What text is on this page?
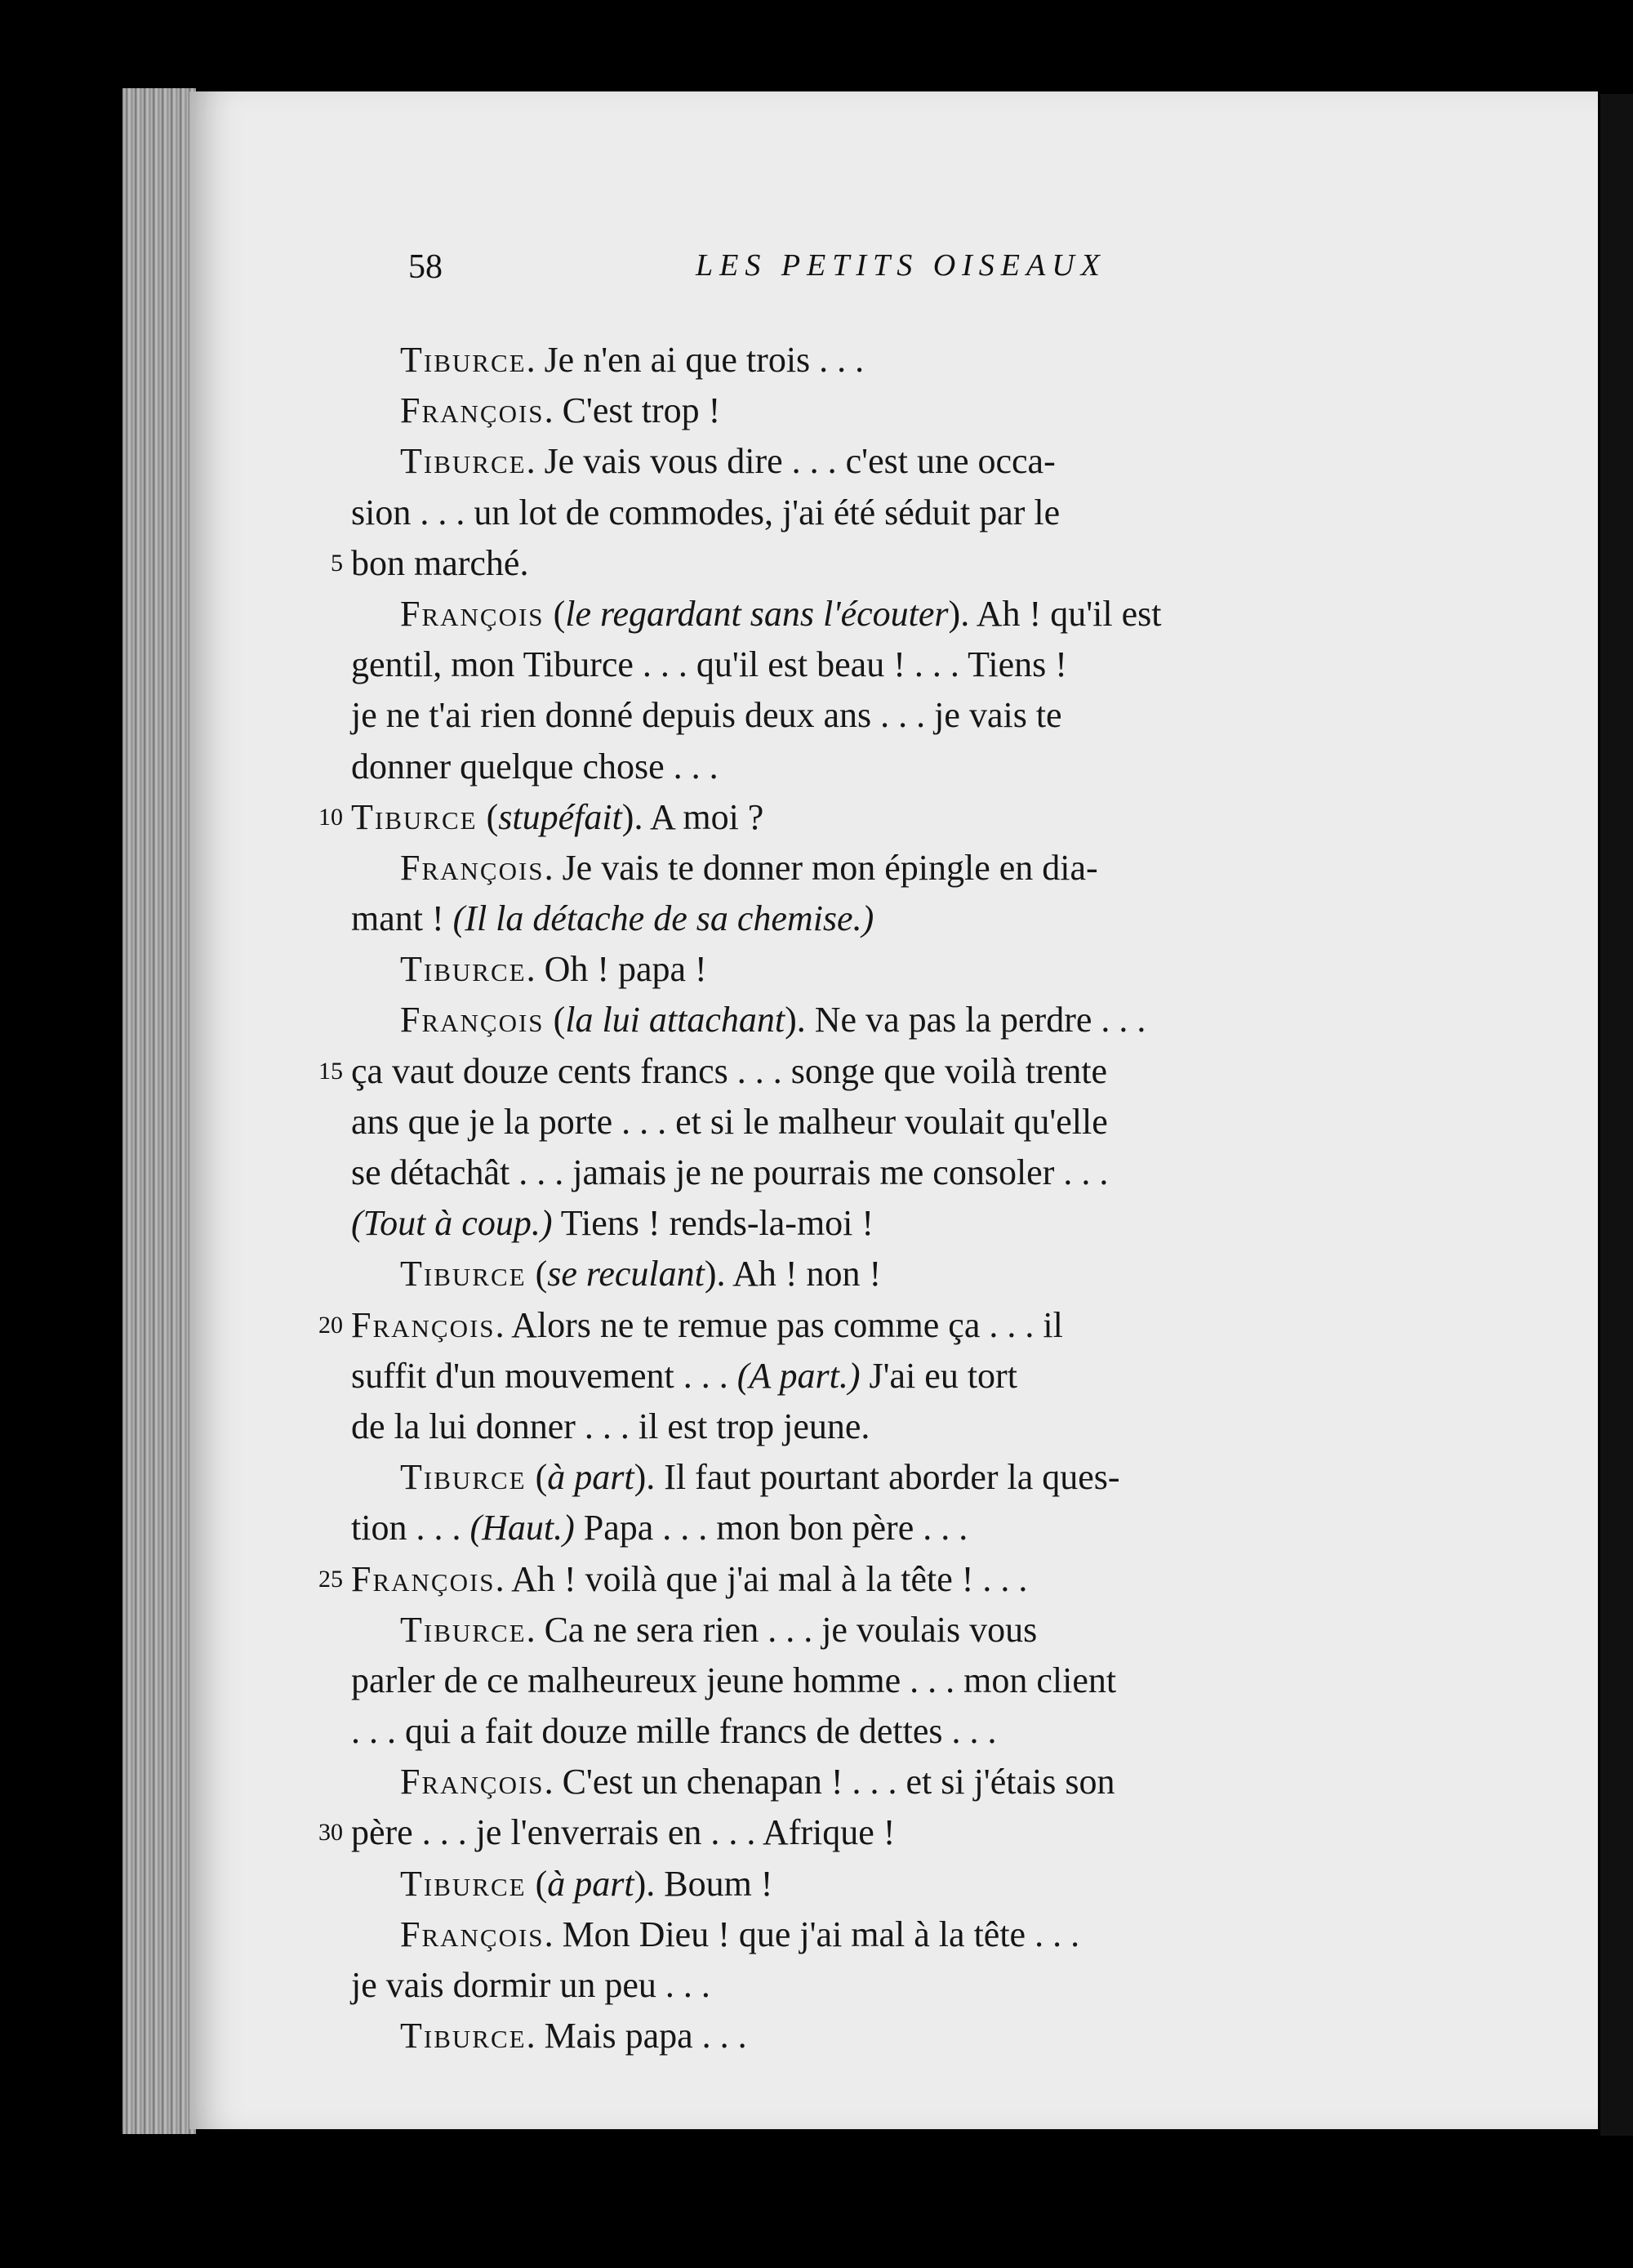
58	LES PETITS OISEAUX
Tiburce. Je n'en ai que trois . . .
François. C'est trop !
Tiburce. Je vais vous dire . . . c'est une occa-
sion . . . un lot de commodes, j'ai été séduit par le
5 bon marché.
François (le regardant sans l'écouter). Ah ! qu'il est
gentil, mon Tiburce . . . qu'il est beau ! . . . Tiens !
je ne t'ai rien donné depuis deux ans . . . je vais te
donner quelque chose . . .
10 Tiburce (stupéfait). A moi ?
François. Je vais te donner mon épingle en dia-
mant ! (Il la détache de sa chemise.)
Tiburce. Oh ! papa !
François (la lui attachant). Ne va pas la perdre . . .
15 ça vaut douze cents francs . . . songe que voilà trente
ans que je la porte . . . et si le malheur voulait qu'elle
se détachât . . . jamais je ne pourrais me consoler . . .
(Tout à coup.) Tiens ! rends-la-moi !
Tiburce (se reculant). Ah ! non !
20 François. Alors ne te remue pas comme ça . . . il
suffit d'un mouvement . . . (A part.) J'ai eu tort
de la lui donner . . . il est trop jeune.
Tiburce (à part). Il faut pourtant aborder la ques-
tion . . . (Haut.) Papa . . . mon bon père . . .
25 François. Ah ! voilà que j'ai mal à la tête ! . . .
Tiburce. Ca ne sera rien . . . je voulais vous
parler de ce malheureux jeune homme . . . mon client
. . . qui a fait douze mille francs de dettes . . .
François. C'est un chenapan ! . . . et si j'étais son
30 père . . . je l'enverrais en . . . Afrique !
Tiburce (à part). Boum !
François. Mon Dieu ! que j'ai mal à la tête . . .
je vais dormir un peu . . .
Tiburce. Mais papa . . .
